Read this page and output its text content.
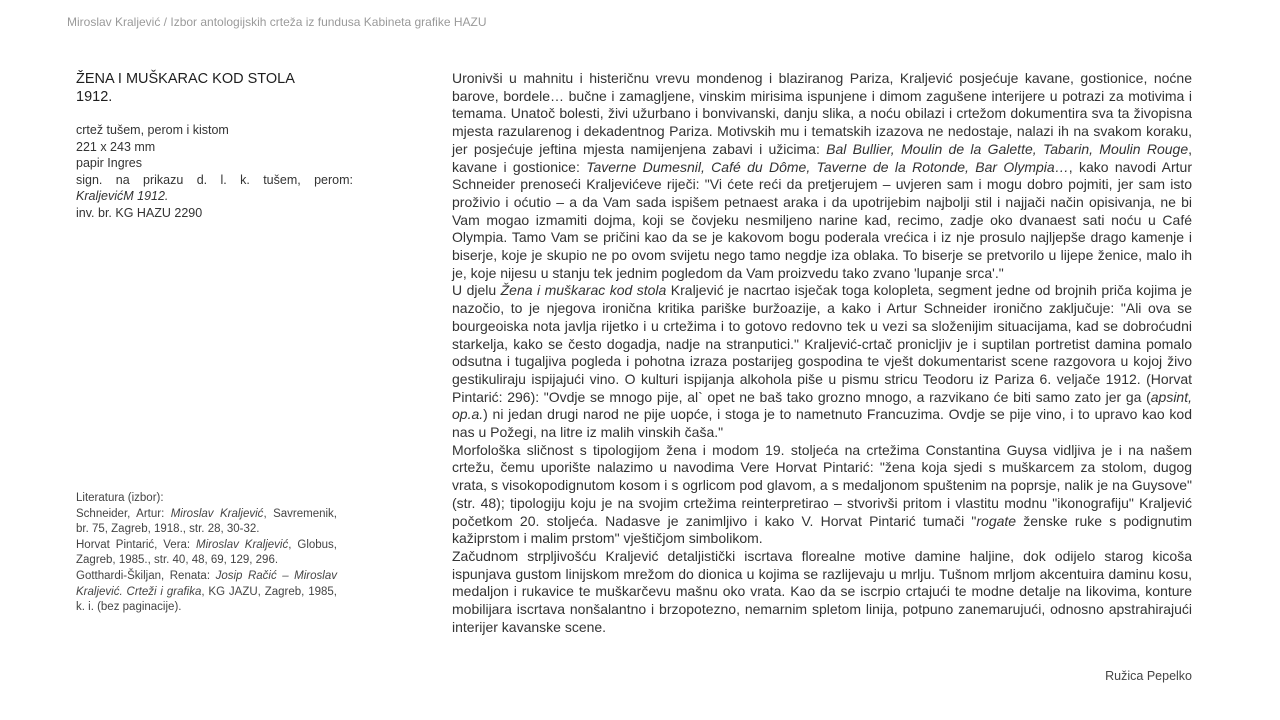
Miroslav Kraljević / Izbor antologijskih crteža iz fundusa Kabineta grafike HAZU
ŽENA I MUŠKARAC KOD STOLA
1912.
crtež tušem, perom i kistom
221 x 243 mm
papir Ingres
sign. na prikazu d. l. k. tušem, perom:
KraljevićM 1912.
inv. br. KG HAZU 2290
Literatura (izbor):
Schneider, Artur: Miroslav Kraljević, Savremenik, br. 75, Zagreb, 1918., str. 28, 30-32.
Horvat Pintarić, Vera: Miroslav Kraljević, Globus, Zagreb, 1985., str. 40, 48, 69, 129, 296.
Gotthardi-Škiljan, Renata: Josip Račić – Miroslav Kraljević. Crteži i grafika, KG JAZU, Zagreb, 1985, k. i. (bez paginacije).

Uronivši u mahnitu i histeričnu vrevu mondenog i blaziranog Pariza, Kraljević posjećuje kavane, gostionice, noćne barove, bordele… bučne i zamagljene, vinskim mirisima ispunjene i dimom zagušene interijere u potrazi za motivima i temama. Unatoč bolesti, živi užurbano i bonvivanski, danju slika, a noću obilazi i crtežom dokumentira sva ta živopisna mjesta razularenog i dekadentnog Pariza. Motivskih mu i tematskih izazova ne nedostaje, nalazi ih na svakom koraku, jer posjećuje jeftina mjesta namijenjena zabavi i užicima: Bal Bullier, Moulin de la Galette, Tabarin, Moulin Rouge, kavane i gostionice: Taverne Dumesnil, Café du Dôme, Taverne de la Rotonde, Bar Olympia…, kako navodi Artur Schneider prenoseći Kraljevićeve riječi: "Vi ćete reći da pretjerujem – uvjeren sam i mogu dobro pojmiti, jer sam isto proživio i oćutio – a da Vam sada ispišem petnaest araka i da upotrijebim najbolji stil i najjači način opisivanja, ne bi Vam mogao izmamiti dojma, koji se čovjeku nesmiljeno narine kad, recimo, zadje oko dvanaest sati noću u Café Olympia. Tamo Vam se pričini kao da se je kakovom bogu poderala vrećica i iz nje prosulo najljepše drago kamenje i biserje, koje je skupio ne po ovom svijetu nego tamo negdje iza oblaka. To biserje se pretvorilo u lijepe ženice, malo ih je, koje nijesu u stanju tek jednim pogledom da Vam proizvedu tako zvano 'lupanje srca'."

U djelu Žena i muškarac kod stola Kraljević je nacrtao isječak toga kolopleta, segment jedne od brojnih priča kojima je nazočio, to je njegova ironična kritika pariške buržoazije, a kako i Artur Schneider ironično zaključuje: "Ali ova se bourgeoiska nota javlja rijetko i u crtežima i to gotovo redovno tek u vezi sa složenijim situacijama, kad se dobroćudni starkelja, kako se često dogadja, nadje na stranputici." Kraljević-crtač pronicljiv je i suptilan portretist damina pomalo odsutna i tugaljiva pogleda i pohotna izraza postarijeg gospodina te vješt dokumentarist scene razgovora u kojoj živo gestikuliraju ispijajući vino. O kulturi ispijanja alkohola piše u pismu stricu Teodoru iz Pariza 6. veljače 1912. (Horvat Pintarić: 296): "Ovdje se mnogo pije, al` opet ne baš tako grozno mnogo, a razvikano će biti samo zato jer ga (apsint, op.a.) ni jedan drugi narod ne pije uopće, i stoga je to nametnuto Francuzima. Ovdje se pije vino, i to upravo kao kod nas u Požegi, na litre iz malih vinskih čaša."

Morfološka sličnost s tipologijom žena i modom 19. stoljeća na crtežima Constantina Guysa vidljiva je i na našem crtežu, čemu uporište nalazimo u navodima Vere Horvat Pintarić: "žena koja sjedi s muškarcem za stolom, dugog vrata, s visokopodignutom kosom i s ogrlicom pod glavom, a s medaljonom spuštenim na poprsje, nalik je na Guysove" (str. 48); tipologiju koju je na svojim crtežima reinterpretirao – stvorivši pritom i vlastitu modnu "ikonografiju" Kraljević početkom 20. stoljeća. Nadasve je zanimljivo i kako V. Horvat Pintarić tumači "rogate ženske ruke s podignutim kažiprstom i malim prstom" vještičjom simbolikom.

Začudnom strpljivošću Kraljević detaljistički iscrtava florealne motive damine haljine, dok odijelo starog kicoša ispunjava gustom linijskom mrežom do dionica u kojima se razlijevaju u mrlju. Tušnom mrljom akcentuira daminu kosu, medaljon i rukavice te muškarčevu mašnu oko vrata. Kao da se iscrpio crtajući te modne detalje na likovima, konture mobilijara iscrtava nonšalantno i brzopotezno, nemarnim spletom linija, potpuno zanemarujući, odnosno apstrahirajući interijer kavanske scene.

Ružica Pepelko
